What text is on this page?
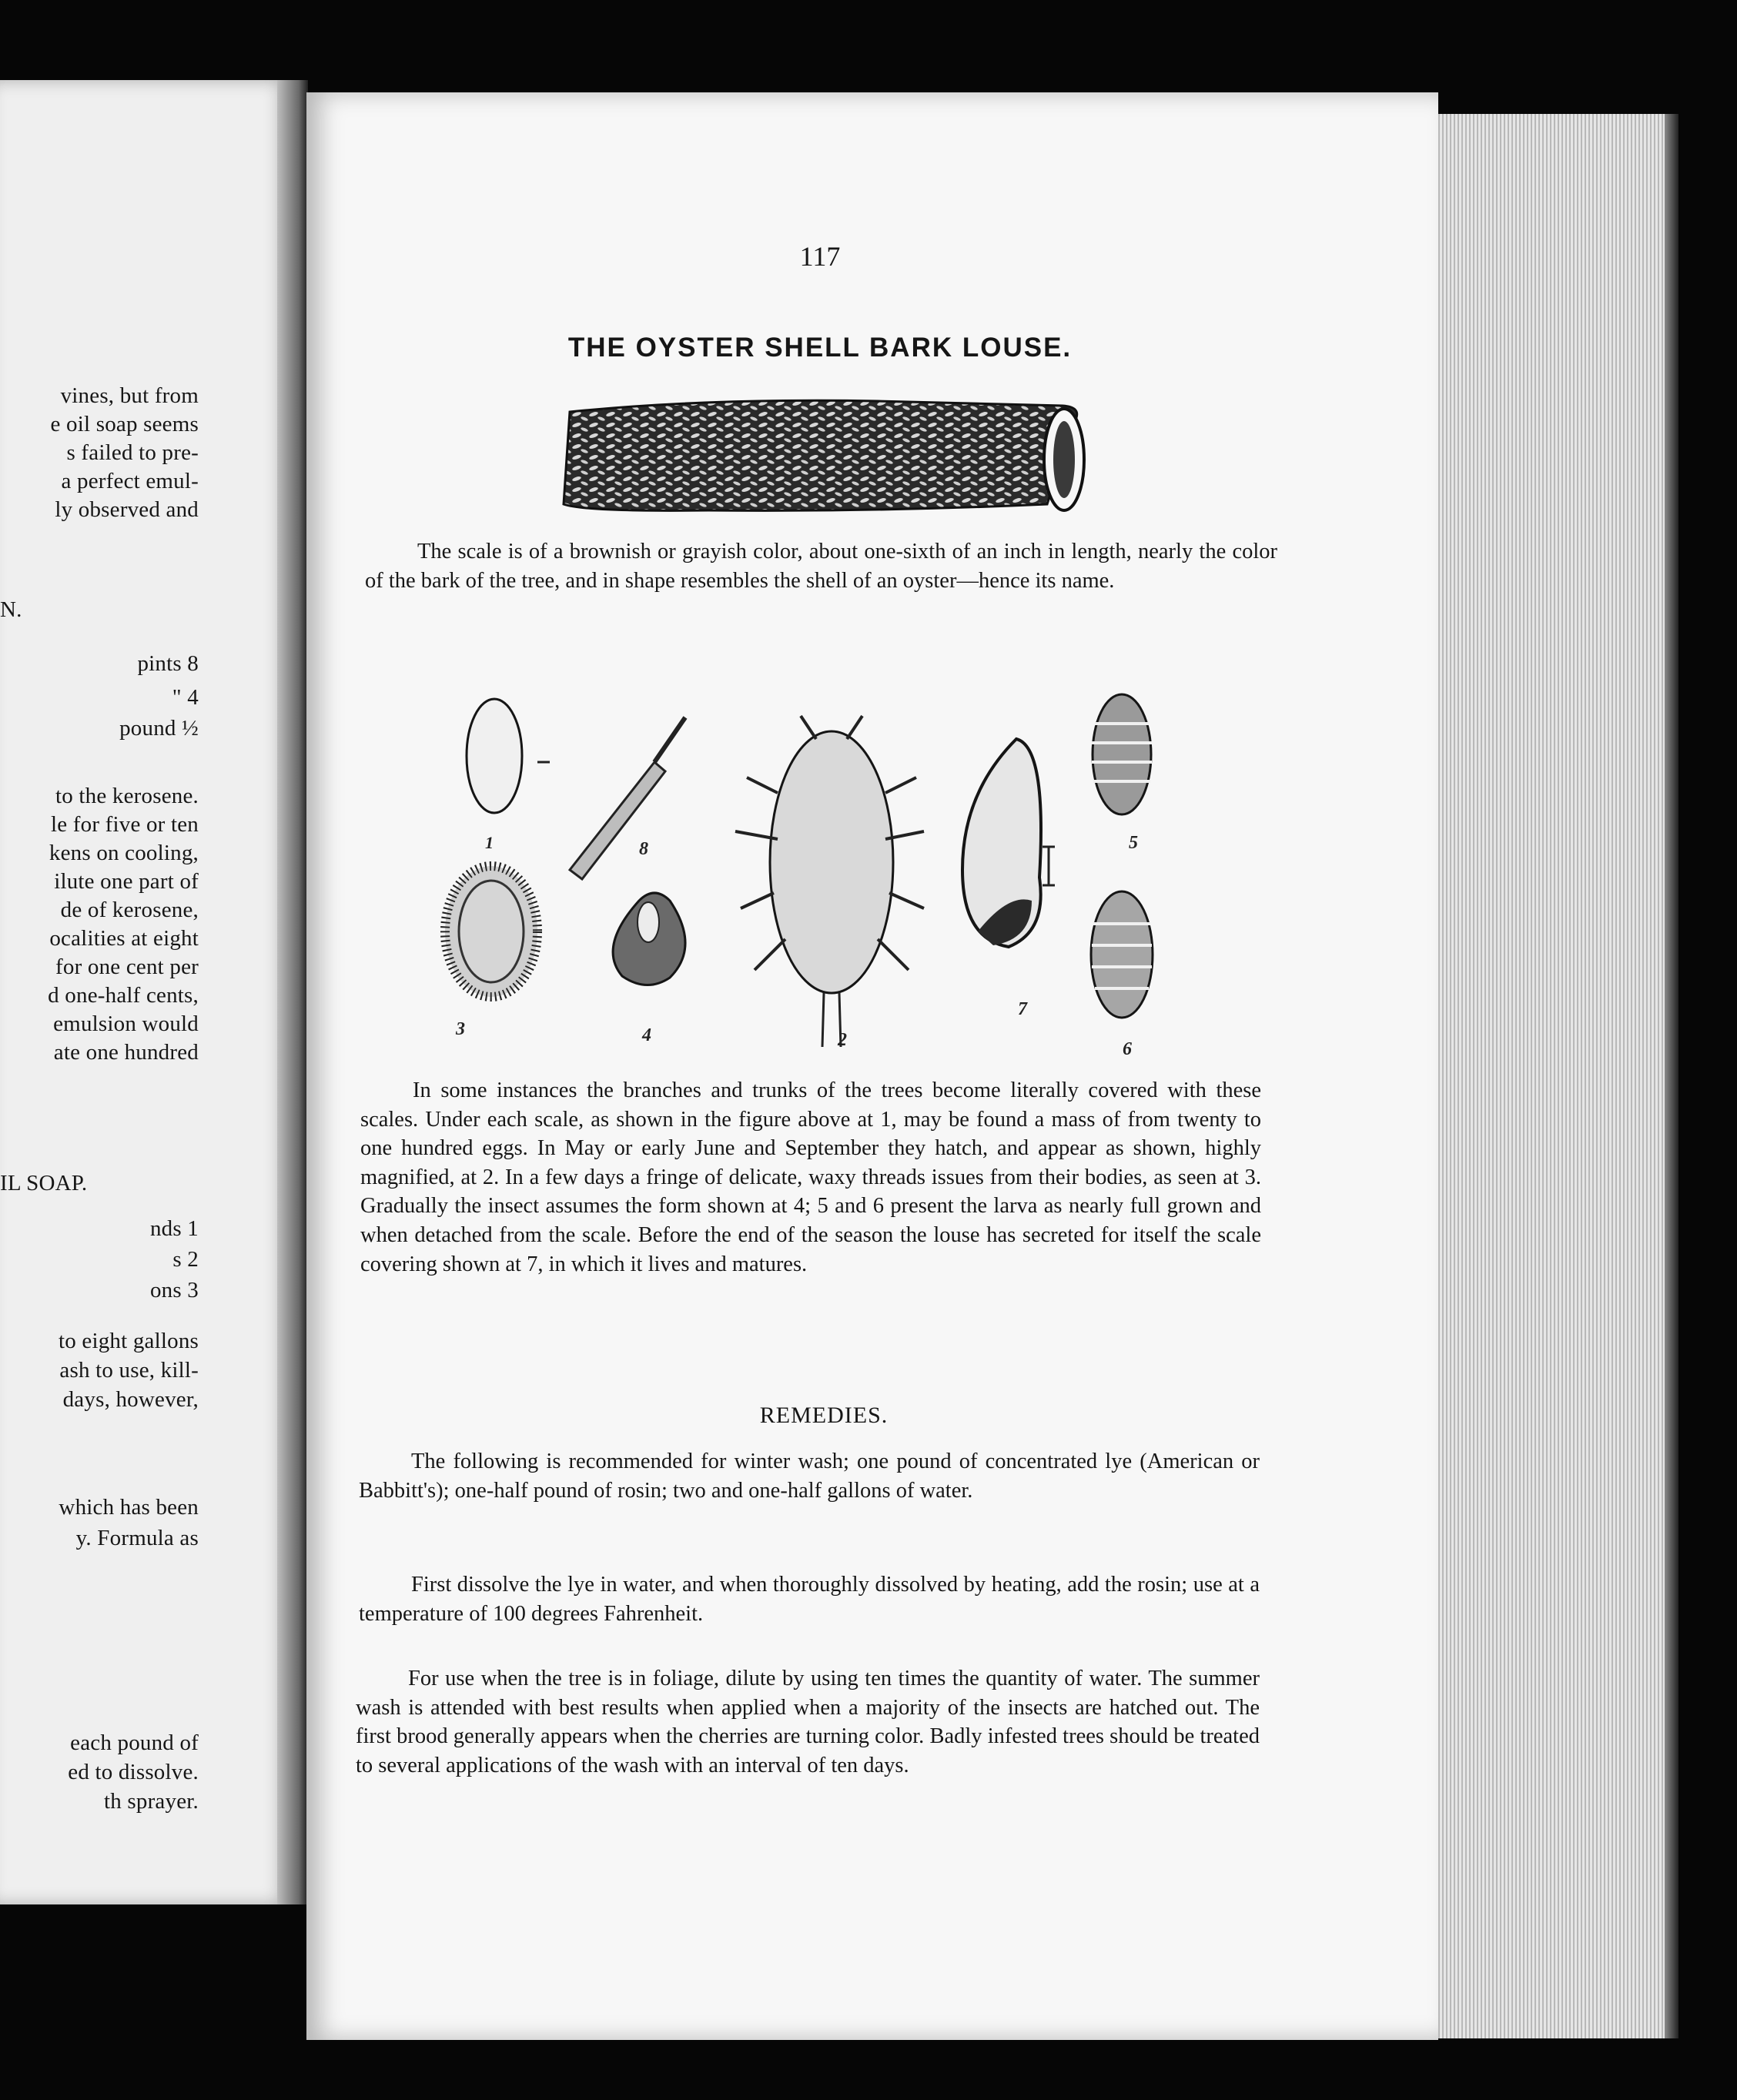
vines, but from
e oil soap seems
s failed to pre-
a perfect emul-
ly observed and
N.
pints 8
" 4
pound ½
to the kerosene.
le for five or ten
kens on cooling,
ilute one part of
de of kerosene,
ocalities at eight
for one cent per
d one-half cents,
emulsion would
ate one hundred
IL SOAP.
nds 1
s 2
ons 3
to eight gallons
ash to use, kill-
days, however,
which has been
y. Formula as
each pound of
ed to dissolve.
th sprayer.
117
THE OYSTER SHELL BARK LOUSE.
1
2
3	4
5
6
7
8

The scale is of a brownish or grayish color, about one-sixth of an inch in length, nearly the color of the bark of the tree, and in shape resembles the shell of an oyster—hence its name.

In some instances the branches and trunks of the trees become literally covered with these scales. Under each scale, as shown in the figure above at 1, may be found a mass of from twenty to one hundred eggs. In May or early June and September they hatch, and appear as shown, highly magnified, at 2. In a few days a fringe of delicate, waxy threads issues from their bodies, as seen at 3. Gradually the insect assumes the form shown at 4; 5 and 6 present the larva as nearly full grown and when detached from the scale. Before the end of the season the louse has secreted for itself the scale covering shown at 7, in which it lives and matures.

REMEDIES.

The following is recommended for winter wash; one pound of concentrated lye (American or Babbitt's); one-half pound of rosin; two and one-half gallons of water.

First dissolve the lye in water, and when thoroughly dissolved by heating, add the rosin; use at a temperature of 100 degrees Fahrenheit.

For use when the tree is in foliage, dilute by using ten times the quantity of water. The summer wash is attended with best results when applied when a majority of the insects are hatched out. The first brood generally appears when the cherries are turning color. Badly infested trees should be treated to several applications of the wash with an interval of ten days.
